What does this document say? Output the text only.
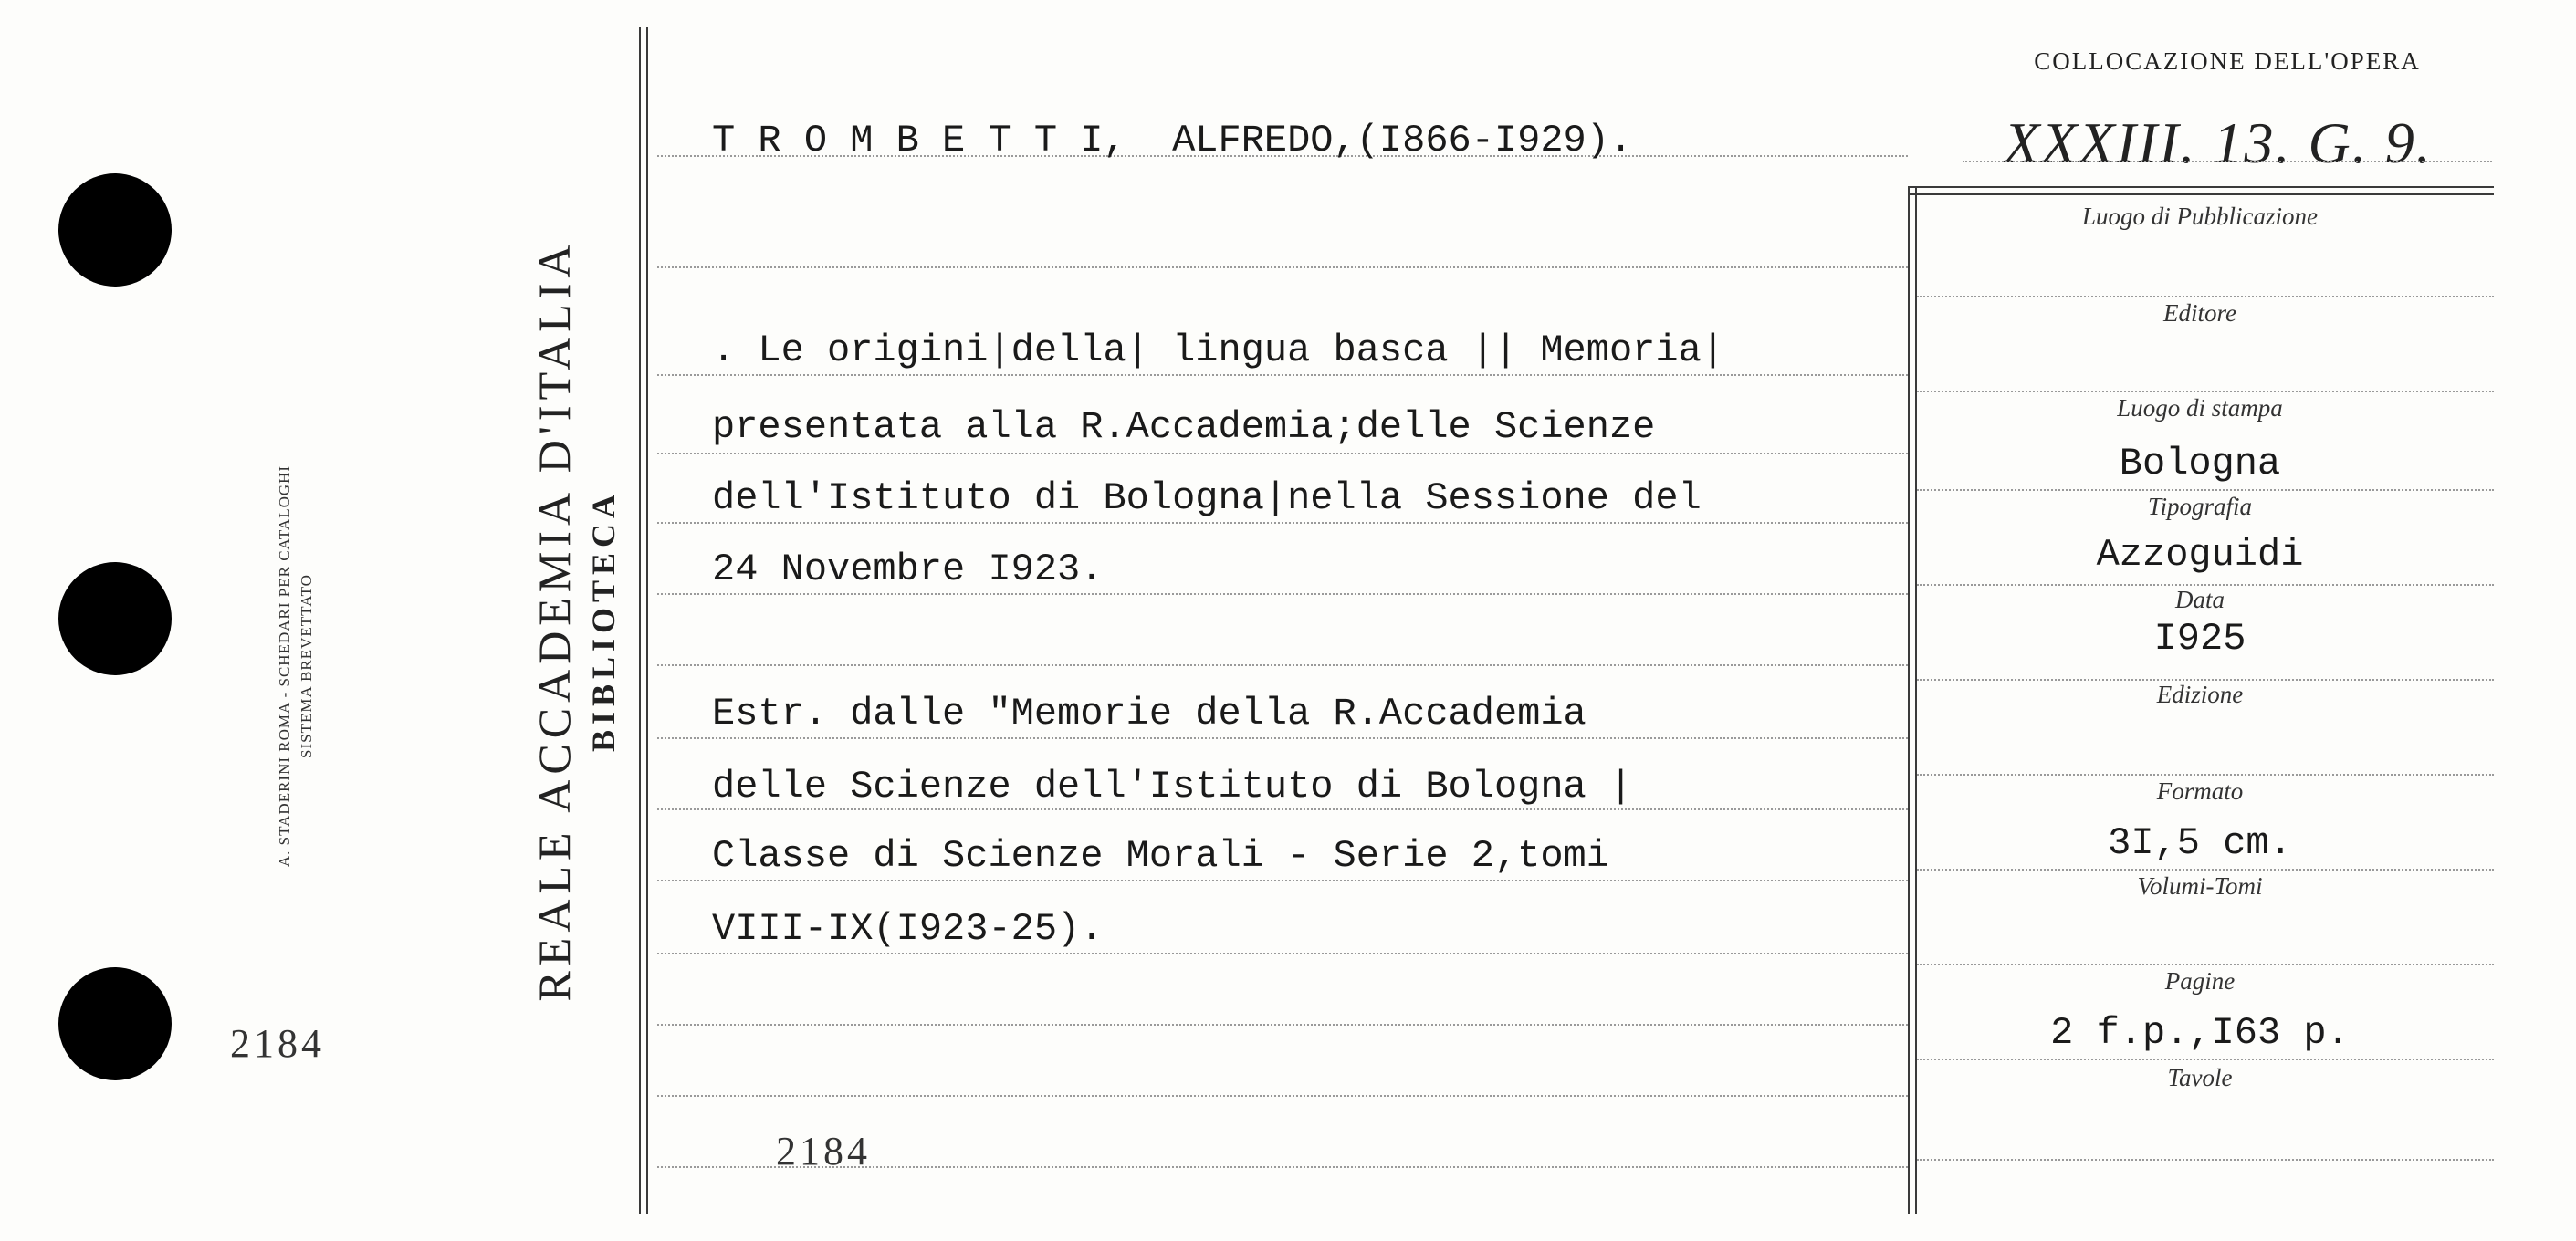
A. STADERINI ROMA - SCHEDARI PER CATALOGHI SISTEMA BREVETTATO
2184
REALE ACCADEMIA D'ITALIA BIBLIOTECA
COLLOCAZIONE DELL'OPERA
XXXIII. 13. G. 9.
T R O M B E T T I,  ALFREDO,(I866-I929).
. Le origini|della| lingua basca || Memoria|
presentata alla R.Accademia;delle Scienze
dell'Istituto di Bologna|nella Sessione del
24 Novembre I923.
Estr. dalle "Memorie della R.Accademia
delle Scienze dell'Istituto di Bologna |
Classe di Scienze Morali - Serie 2,tomi
VIII-IX(I923-25).
2184
Luogo di Pubblicazione
Editore
Luogo di stampa
Bologna
Tipografia
Azzoguidi
Data
I925
Edizione
Formato
3I,5 cm.
Volumi-Tomi
Pagine
2 f.p.,I63 p.
Tavole
